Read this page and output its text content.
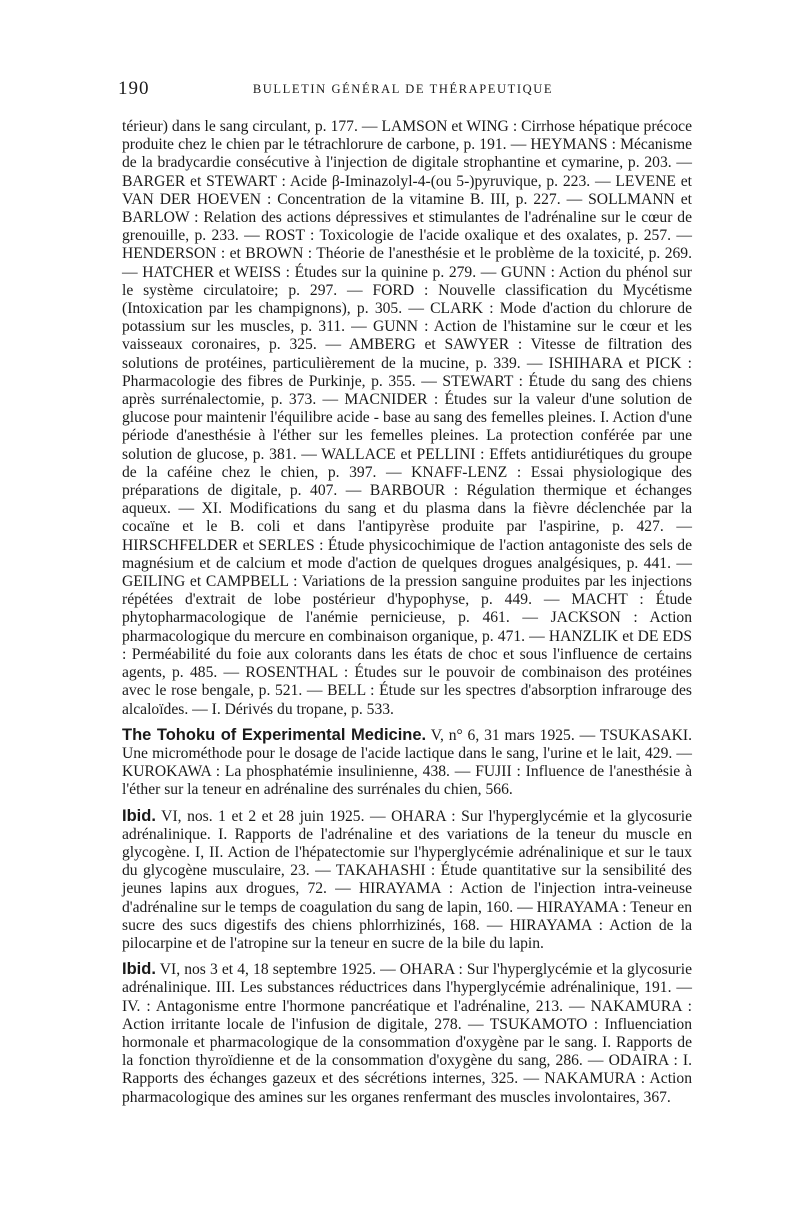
190	BULLETIN GÉNÉRAL DE THÉRAPEUTIQUE

térieur) dans le sang circulant, p. 177. — LAMSON et WING : Cirrhose hépatique précoce produite chez le chien par le tétrachlorure de carbone, p. 191. — HEYMANS : Mécanisme de la bradycardie consécutive à l'injection de digitale strophantine et cymarine, p. 203. — BARGER et STEWART : Acide β-Iminazolyl-4-(ou 5-)pyruvique, p. 223. — LEVENE et VAN DER HOEVEN : Concentration de la vitamine B. III, p. 227. — SOLLMANN et BARLOW : Relation des actions dépressives et stimulantes de l'adrénaline sur le cœur de grenouille, p. 233. — ROST : Toxicologie de l'acide oxalique et des oxalates, p. 257. — HENDERSON : et BROWN : Théorie de l'anesthésie et le problème de la toxicité, p. 269. — HATCHER et WEISS : Études sur la quinine p. 279. — GUNN : Action du phénol sur le système circulatoire; p. 297. — FORD : Nouvelle classification du Mycétisme (Intoxication par les champignons), p. 305. — CLARK : Mode d'action du chlorure de potassium sur les muscles, p. 311. — GUNN : Action de l'histamine sur le cœur et les vaisseaux coronaires, p. 325. — AMBERG et SAWYER : Vitesse de filtration des solutions de protéines, particulièrement de la mucine, p. 339. — ISHIHARA et PICK : Pharmacologie des fibres de Purkinje, p. 355. — STEWART : Étude du sang des chiens après surrénalectomie, p. 373. — MACNIDER : Études sur la valeur d'une solution de glucose pour maintenir l'équilibre acide - base au sang des femelles pleines. I. Action d'une période d'anesthésie à l'éther sur les femelles pleines. La protection conférée par une solution de glucose, p. 381. — WALLACE et PELLINI : Effets antidiurétiques du groupe de la caféine chez le chien, p. 397. — KNAFF-LENZ : Essai physiologique des préparations de digitale, p. 407. — BARBOUR : Régulation thermique et échanges aqueux. — XI. Modifications du sang et du plasma dans la fièvre déclenchée par la cocaïne et le B. coli et dans l'antipyrèse produite par l'aspirine, p. 427. — HIRSCHFELDER et SERLES : Étude physicochimique de l'action antagoniste des sels de magnésium et de calcium et mode d'action de quelques drogues analgésiques, p. 441. — GEILING et CAMPBELL : Variations de la pression sanguine produites par les injections répétées d'extrait de lobe postérieur d'hypophyse, p. 449. — MACHT : Étude phytopharmacologique de l'anémie pernicieuse, p. 461. — JACKSON : Action pharmacologique du mercure en combinaison organique, p. 471. — HANZLIK et DE EDS : Perméabilité du foie aux colorants dans les états de choc et sous l'influence de certains agents, p. 485. — ROSENTHAL : Études sur le pouvoir de combinaison des protéines avec le rose bengale, p. 521. — BELL : Étude sur les spectres d'absorption infrarouge des alcaloïdes. — I. Dérivés du tropane, p. 533.

The Tohoku of Experimental Medicine. V, n° 6, 31 mars 1925. — TSUKASAKI. Une microméthode pour le dosage de l'acide lactique dans le sang, l'urine et le lait, 429. — KUROKAWA : La phosphatémie insulinienne, 438. — FUJII : Influence de l'anesthésie à l'éther sur la teneur en adrénaline des surrénales du chien, 566.

Ibid. VI, nos. 1 et 2 et 28 juin 1925. — OHARA : Sur l'hyperglycémie et la glycosurie adrénalinique. I. Rapports de l'adrénaline et des variations de la teneur du muscle en glycogène. I, II. Action de l'hépatectomie sur l'hyperglycémie adrénalinique et sur le taux du glycogène musculaire, 23. — TAKAHASHI : Étude quantitative sur la sensibilité des jeunes lapins aux drogues, 72. — HIRAYAMA : Action de l'injection intra-veineuse d'adrénaline sur le temps de coagulation du sang de lapin, 160. — HIRAYAMA : Teneur en sucre des sucs digestifs des chiens phlorrhizinés, 168. — HIRAYAMA : Action de la pilocarpine et de l'atropine sur la teneur en sucre de la bile du lapin.

Ibid. VI, nos 3 et 4, 18 septembre 1925. — OHARA : Sur l'hyperglycémie et la glycosurie adrénalinique. III. Les substances réductrices dans l'hyperglycémie adrénalinique, 191. — IV. : Antagonisme entre l'hormone pancréatique et l'adrénaline, 213. — NAKAMURA : Action irritante locale de l'infusion de digitale, 278. — TSUKAMOTO : Influenciation hormonale et pharmacologique de la consommation d'oxygène par le sang. I. Rapports de la fonction thyroïdienne et de la consommation d'oxygène du sang, 286. — ODAIRA : I. Rapports des échanges gazeux et des sécrétions internes, 325. — NAKAMURA : Action pharmacologique des amines sur les organes renfermant des muscles involontaires, 367.
